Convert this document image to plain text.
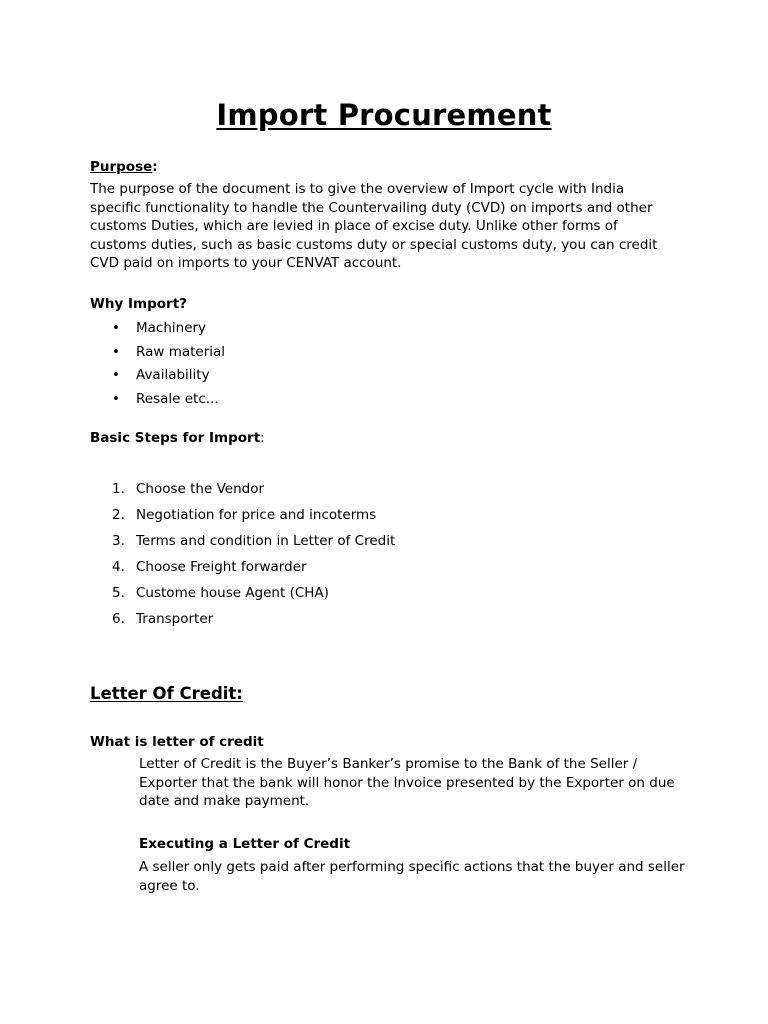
Import Procurement
Purpose:
The purpose of the document is to give the overview of Import cycle with India specific functionality to handle the Countervailing duty (CVD) on imports and other customs Duties, which are levied in place of excise duty. Unlike other forms of customs duties, such as basic customs duty or special customs duty, you can credit CVD paid on imports to your CENVAT account.
Why Import?
• Machinery
• Raw material
• Availability
• Resale etc...
Basic Steps for Import:
1. Choose the Vendor
2. Negotiation for price and incoterms
3. Terms and condition in Letter of Credit
4. Choose Freight forwarder
5. Custome house Agent (CHA)
6. Transporter
Letter Of Credit:
What is letter of credit
Letter of Credit is the Buyer’s Banker’s promise to the Bank of the Seller / Exporter that the bank will honor the Invoice presented by the Exporter on due date and make payment.
Executing a Letter of Credit
A seller only gets paid after performing specific actions that the buyer and seller agree to.
